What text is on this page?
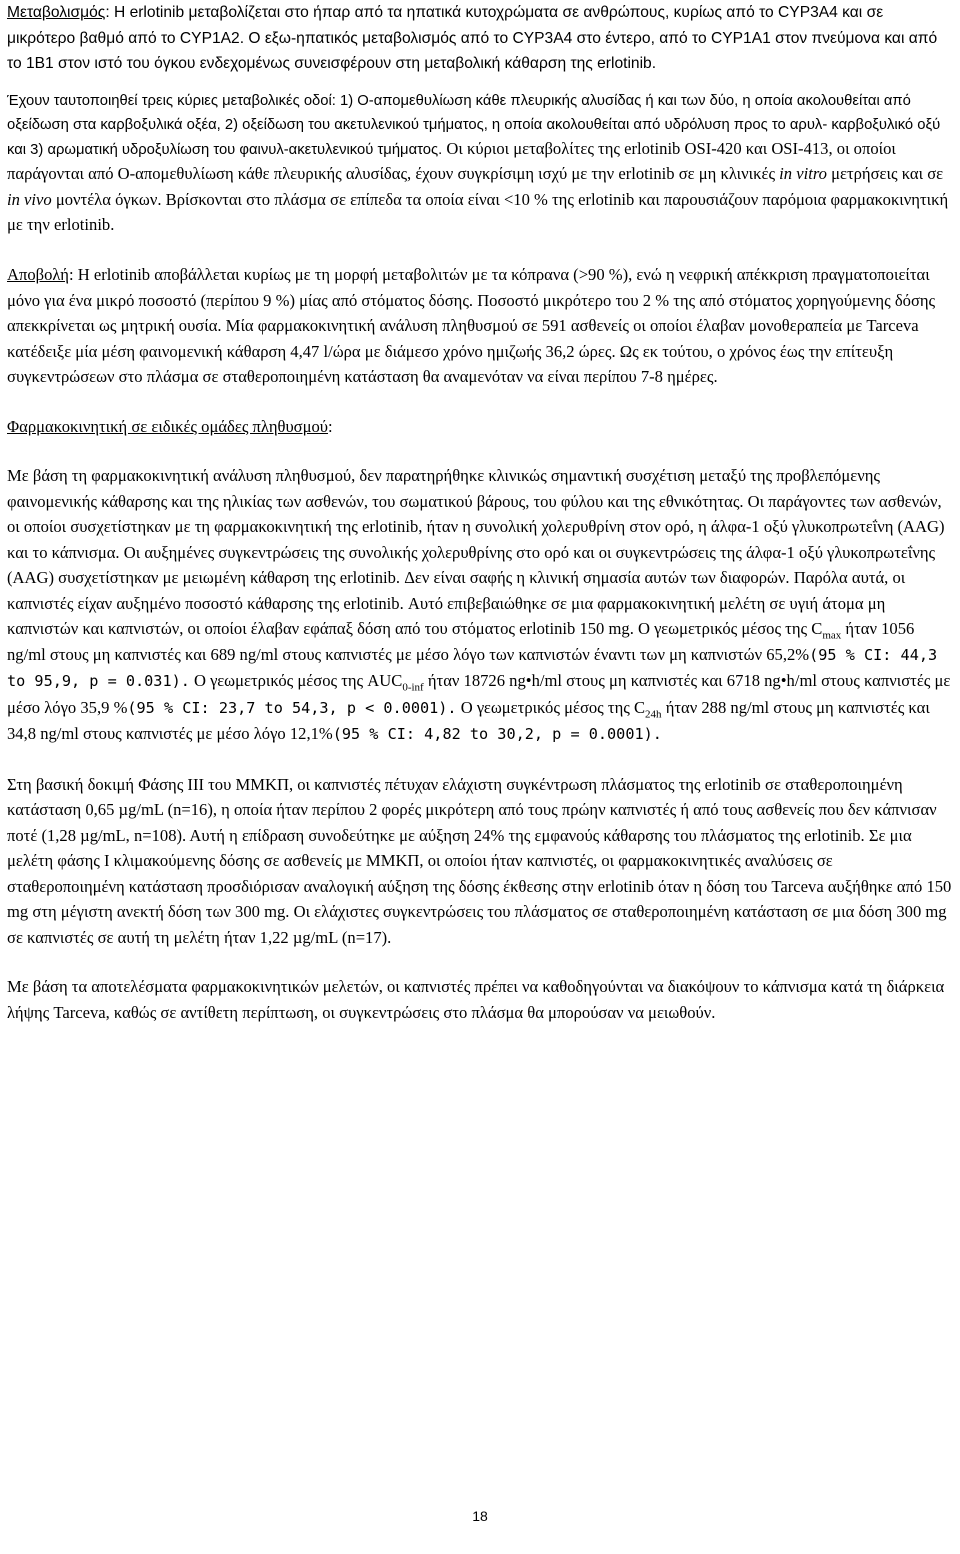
Μεταβολισμός: Η erlotinib μεταβολίζεται στο ήπαρ από τα ηπατικά κυτοχρώματα σε ανθρώπους, κυρίως από το CYP3A4 και σε μικρότερο βαθμό από το CYP1A2. Ο εξω-ηπατικός μεταβολισμός από το CYP3A4 στο έντερο, από το CYP1A1 στον πνεύμονα και από το 1Β1 στον ιστό του όγκου ενδεχομένως συνεισφέρουν στη μεταβολική κάθαρση της erlotinib.

Έχουν ταυτοποιηθεί τρεις κύριες μεταβολικές οδοί: 1) Ο-απομεθυλίωση κάθε πλευρικής αλυσίδας ή και των δύο, η οποία ακολουθείται από οξείδωση στα καρβοξυλικά οξέα, 2) οξείδωση του ακετυλενικού τμήματος, η οποία ακολουθείται από υδρόλυση προς το αρυλ- καρβοξυλικό οξύ και 3) αρωματική υδροξυλίωση του φαινυλ-ακετυλενικού τμήματος. Οι κύριοι μεταβολίτες της erlotinib OSI-420 και OSI-413, οι οποίοι παράγονται από Ο-απομεθυλίωση κάθε πλευρικής αλυσίδας, έχουν συγκρίσιμη ισχύ με την erlotinib σε μη κλινικές in vitro μετρήσεις και σε in vivo μοντέλα όγκων. Βρίσκονται στο πλάσμα σε επίπεδα τα οποία είναι <10 % της erlotinib και παρουσιάζουν παρόμοια φαρμακοκινητική με την erlotinib.

Αποβολή: Η erlotinib αποβάλλεται κυρίως με τη μορφή μεταβολιτών με τα κόπρανα (>90 %), ενώ η νεφρική απέκκριση πραγματοποιείται μόνο για ένα μικρό ποσοστό (περίπου 9 %) μίας από στόματος δόσης. Ποσοστό μικρότερο του 2 % της από στόματος χορηγούμενης δόσης απεκκρίνεται ως μητρική ουσία. Μία φαρμακοκινητική ανάλυση πληθυσμού σε 591 ασθενείς οι οποίοι έλαβαν μονοθεραπεία με Tarceva κατέδειξε μία μέση φαινομενική κάθαρση 4,47 l/ώρα με διάμεσο χρόνο ημιζωής 36,2 ώρες. Ως εκ τούτου, ο χρόνος έως την επίτευξη συγκεντρώσεων στο πλάσμα σε σταθεροποιημένη κατάσταση θα αναμενόταν να είναι περίπου 7-8 ημέρες.

Φαρμακοκινητική σε ειδικές ομάδες πληθυσμού:

Με βάση τη φαρμακοκινητική ανάλυση πληθυσμού, δεν παρατηρήθηκε κλινικώς σημαντική συσχέτιση μεταξύ της προβλεπόμενης φαινομενικής κάθαρσης και της ηλικίας των ασθενών, του σωματικού βάρους, του φύλου και της εθνικότητας. Οι παράγοντες των ασθενών, οι οποίοι συσχετίστηκαν με τη φαρμακοκινητική της erlotinib, ήταν η συνολική χολερυθρίνη στον ορό, η άλφα-1 οξύ γλυκοπρωτεΐνη (AAG) και το κάπνισμα. Οι αυξημένες συγκεντρώσεις της συνολικής χολερυθρίνης στο ορό και οι συγκεντρώσεις της άλφα-1 οξύ γλυκοπρωτεΐνης (AAG) συσχετίστηκαν με μειωμένη κάθαρση της erlotinib. Δεν είναι σαφής η κλινική σημασία αυτών των διαφορών. Παρόλα αυτά, οι καπνιστές είχαν αυξημένο ποσοστό κάθαρσης της erlotinib. Αυτό επιβεβαιώθηκε σε μια φαρμακοκινητική μελέτη σε υγιή άτομα μη καπνιστών και καπνιστών, οι οποίοι έλαβαν εφάπαξ δόση από του στόματος erlotinib 150 mg. Ο γεωμετρικός μέσος της $C_{max}$ ήταν 1056 ng/ml στους μη καπνιστές και 689 ng/ml στους καπνιστές με μέσο λόγο των καπνιστών έναντι των μη καπνιστών 65,2%(95 % CI: 44,3 to 95,9, p = 0.031). Ο γεωμετρικός μέσος της $AUC_{0-inf}$ ήταν 18726 ng•h/ml στους μη καπνιστές και 6718 ng•h/ml στους καπνιστές με μέσο λόγο 35,9 %(95 % CI: 23,7 to 54,3, p < 0.0001). Ο γεωμετρικός μέσος της $C_{24h}$ ήταν 288 ng/ml στους μη καπνιστές και 34,8 ng/ml στους καπνιστές με μέσο λόγο 12,1%(95 % CI: 4,82 to 30,2, p = 0.0001).

Στη βασική δοκιμή Φάσης ΙΙΙ του ΜΜΚΠ, οι καπνιστές πέτυχαν ελάχιστη συγκέντρωση πλάσματος της erlotinib σε σταθεροποιημένη κατάσταση 0,65 µg/mL (n=16), η οποία ήταν περίπου 2 φορές μικρότερη από τους πρώην καπνιστές ή από τους ασθενείς που δεν κάπνισαν ποτέ (1,28 µg/mL, n=108). Αυτή η επίδραση συνοδεύτηκε με αύξηση 24% της εμφανούς κάθαρσης του πλάσματος της erlotinib. Σε μια μελέτη φάσης Ι κλιμακούμενης δόσης σε ασθενείς με ΜΜΚΠ, οι οποίοι ήταν καπνιστές, οι φαρμακοκινητικές αναλύσεις σε σταθεροποιημένη κατάσταση προσδιόρισαν αναλογική αύξηση της δόσης έκθεσης στην erlotinib όταν η δόση του Tarceva αυξήθηκε από 150 mg στη μέγιστη ανεκτή δόση των 300 mg. Οι ελάχιστες συγκεντρώσεις του πλάσματος σε σταθεροποιημένη κατάσταση σε μια δόση 300 mg σε καπνιστές σε αυτή τη μελέτη ήταν 1,22 µg/mL (n=17).

Με βάση τα αποτελέσματα φαρμακοκινητικών μελετών, οι καπνιστές πρέπει να καθοδηγούνται να διακόψουν το κάπνισμα κατά τη διάρκεια λήψης Tarceva, καθώς σε αντίθετη περίπτωση, οι συγκεντρώσεις στο πλάσμα θα μπορούσαν να μειωθούν.

18
